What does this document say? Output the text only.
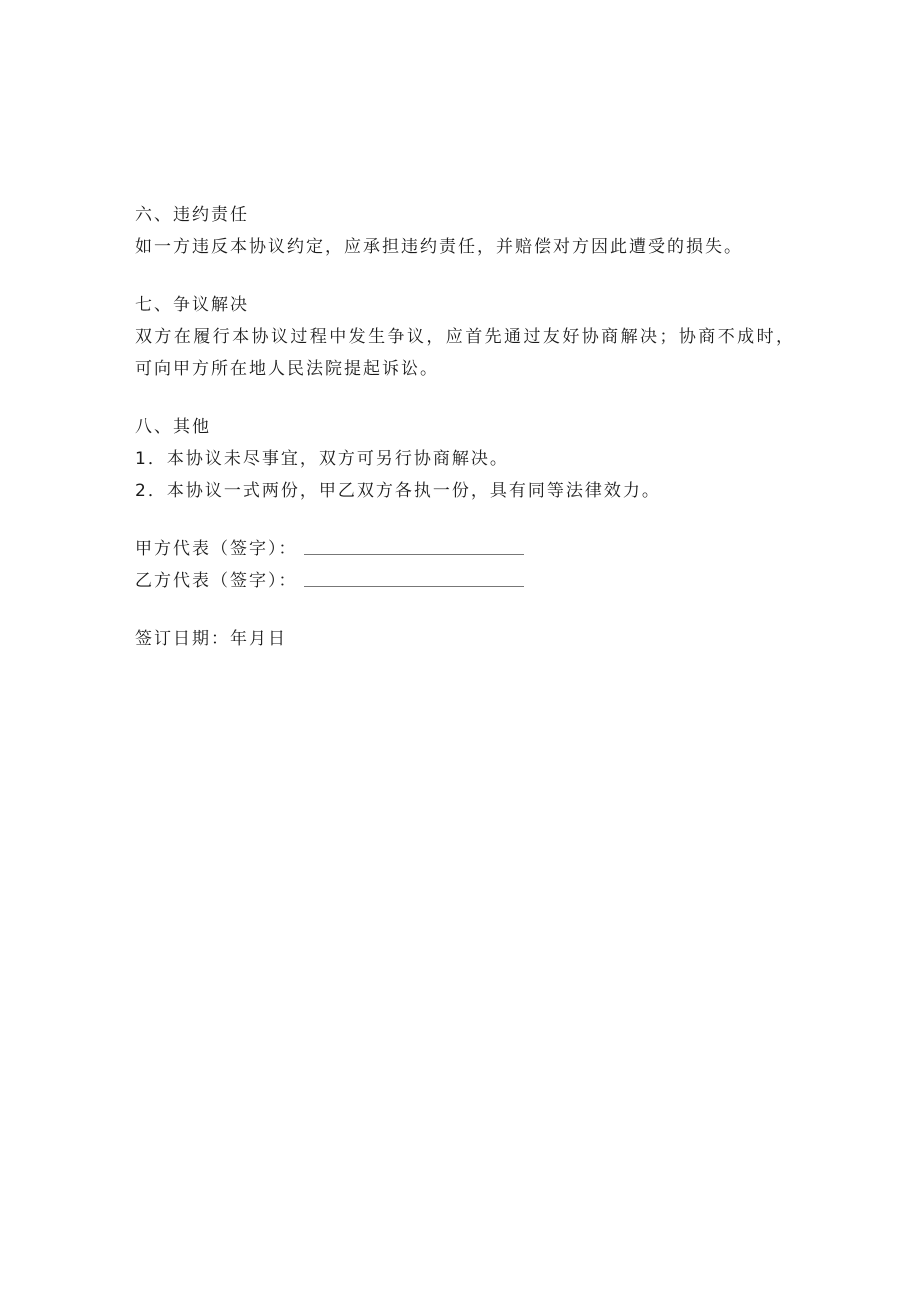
六、违约责任

如一方违反本协议约定，应承担违约责任，并赔偿对方因此遭受的损失。

七、争议解决

双方在履行本协议过程中发生争议，应首先通过友好协商解决；协商不成时，可向甲方所在地人民法院提起诉讼。

八、其他

1．本协议未尽事宜，双方可另行协商解决。

2．本协议一式两份，甲乙双方各执一份，具有同等法律效力。

甲方代表（签字）：
乙方代表（签字）：

签订日期：年月日
